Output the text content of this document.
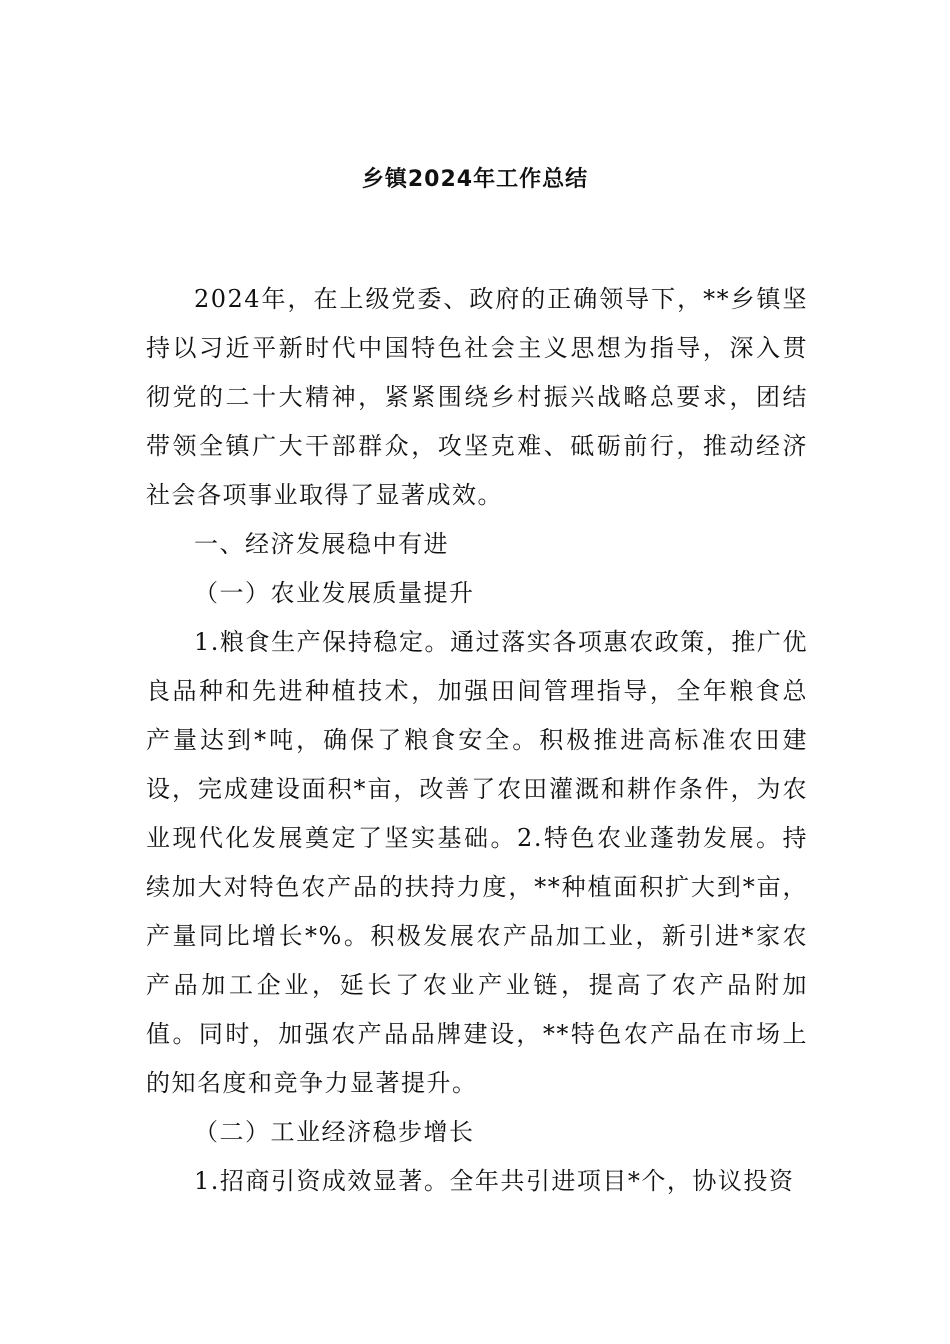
乡镇2024年工作总结

2024年，在上级党委、政府的正确领导下，**乡镇坚持以习近平新时代中国特色社会主义思想为指导，深入贯彻党的二十大精神，紧紧围绕乡村振兴战略总要求，团结带领全镇广大干部群众，攻坚克难、砥砺前行，推动经济社会各项事业取得了显著成效。

一、经济发展稳中有进

（一）农业发展质量提升

1.粮食生产保持稳定。通过落实各项惠农政策，推广优良品种和先进种植技术，加强田间管理指导，全年粮食总产量达到*吨，确保了粮食安全。积极推进高标准农田建设，完成建设面积*亩，改善了农田灌溉和耕作条件，为农业现代化发展奠定了坚实基础。2.特色农业蓬勃发展。持续加大对特色农产品的扶持力度，**种植面积扩大到*亩，产量同比增长*%。积极发展农产品加工业，新引进*家农产品加工企业，延长了农业产业链，提高了农产品附加值。同时，加强农产品品牌建设，**特色农产品在市场上的知名度和竞争力显著提升。

（二）工业经济稳步增长

1.招商引资成效显著。全年共引进项目*个，协议投资
